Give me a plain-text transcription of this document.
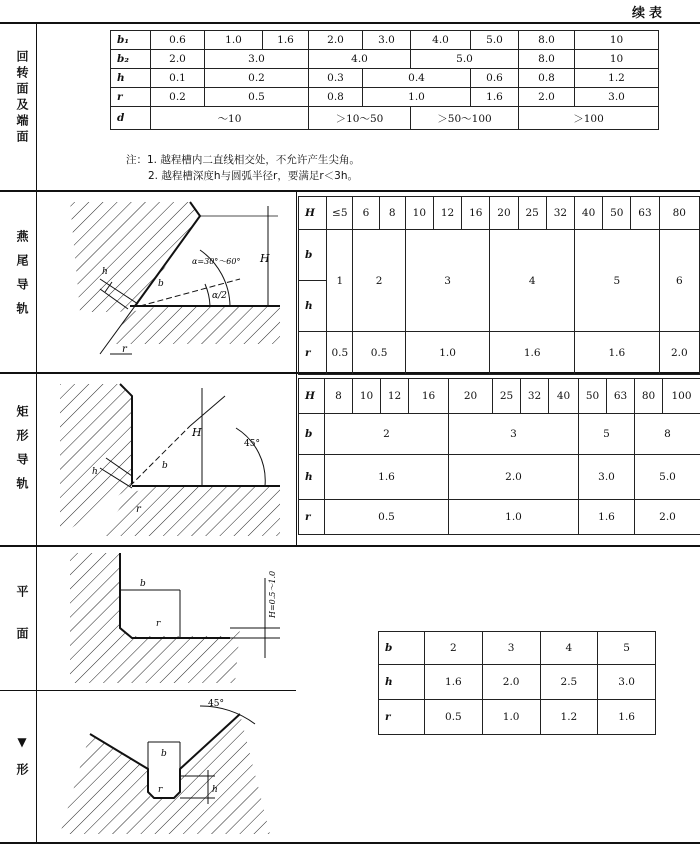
续表
回转面及端面
燕尾导轨
矩形导轨
平面
▼形
b₁	0.6	1.0	1.6	2.0	3.0	4.0	5.0	8.0	10
b₂	2.0	3.0		4.0		5.0		8.0	10
h	0.1	0.2		0.3	0.4		0.6	0.8	1.2
r	0.2	0.5		0.8	1.0		1.6	2.0	3.0
d	～10			＞10～50		＞50～100		＞100	
注：1. 越程槽内二直线相交处，不允许产生尖角。
2. 越程槽深度h与圆弧半径r，要满足r＜3h。
H	≤5	6	8	10	12	16	20	25	32	40	50	63	80
b	1	2		3			4			5			6
h													
r	0.5	0.5		1.0			1.6			1.6			2.0
H	8	10	12	16	20	25	32	40	50	63	80	100
b	2				3				5		8	
h	1.6				2.0				3.0		5.0	
r	0.5				1.0				1.6		2.0	
b	2	3	4	5
h	1.6	2.0	2.5	3.0
r	0.5	1.0	1.2	1.6
α=30°～60°
α/2
H
b
h
r
45°
H
b
h
r
b
r
H=0.5～1.0
45°
b
h
r
